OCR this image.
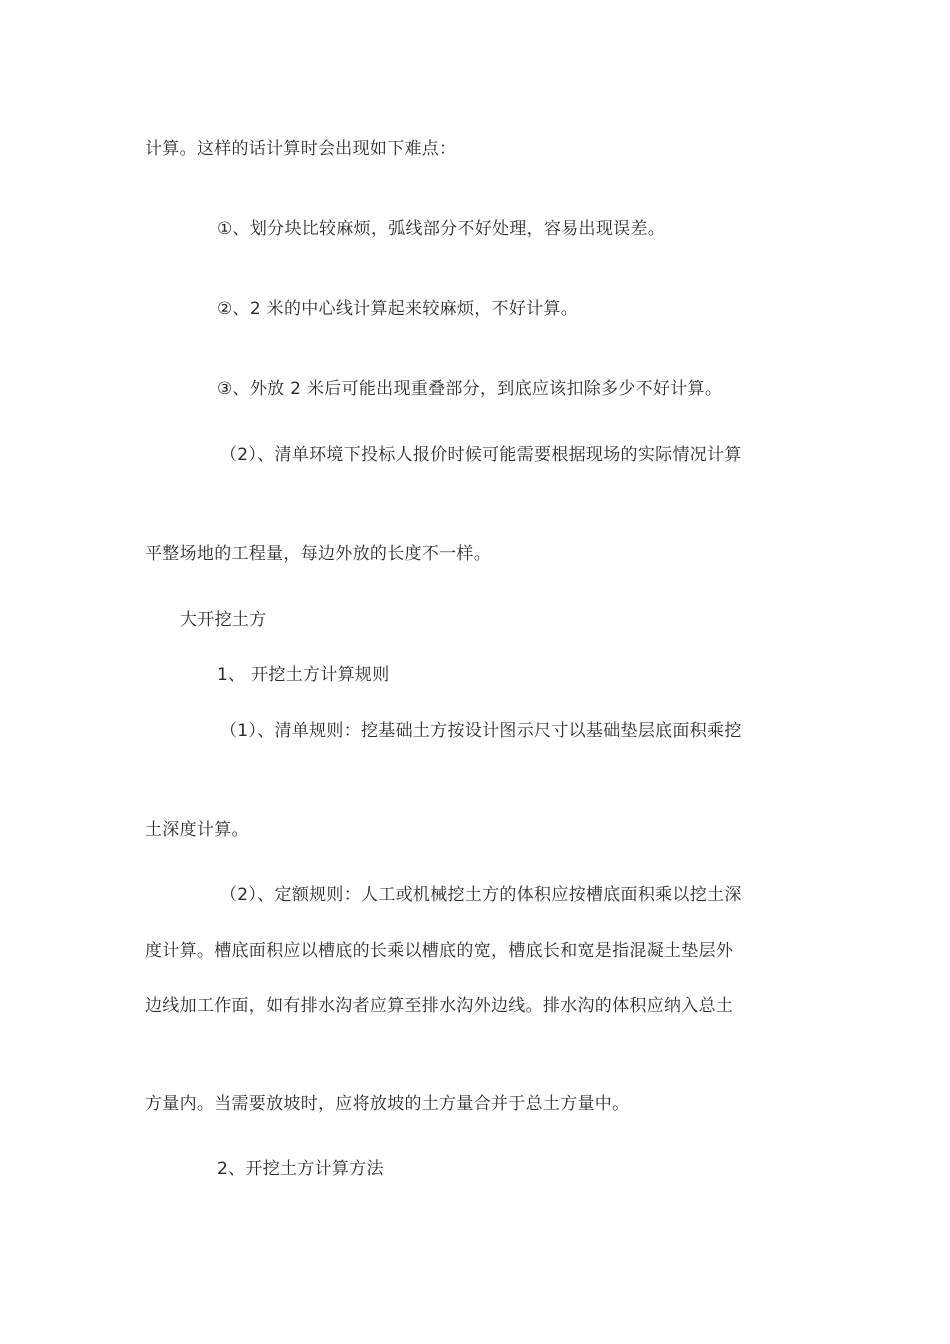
计算。这样的话计算时会出现如下难点：
①、划分块比较麻烦，弧线部分不好处理，容易出现误差。
②、2 米的中心线计算起来较麻烦，不好计算。
③、外放 2 米后可能出现重叠部分，到底应该扣除多少不好计算。
（2）、清单环境下投标人报价时候可能需要根据现场的实际情况计算
平整场地的工程量，每边外放的长度不一样。
大开挖土方
1、 开挖土方计算规则
（1）、清单规则：挖基础土方按设计图示尺寸以基础垫层底面积乘挖
土深度计算。
（2）、定额规则：人工或机械挖土方的体积应按槽底面积乘以挖土深
度计算。槽底面积应以槽底的长乘以槽底的宽，槽底长和宽是指混凝土垫层外
边线加工作面，如有排水沟者应算至排水沟外边线。排水沟的体积应纳入总土
方量内。当需要放坡时，应将放坡的土方量合并于总土方量中。
2、开挖土方计算方法
